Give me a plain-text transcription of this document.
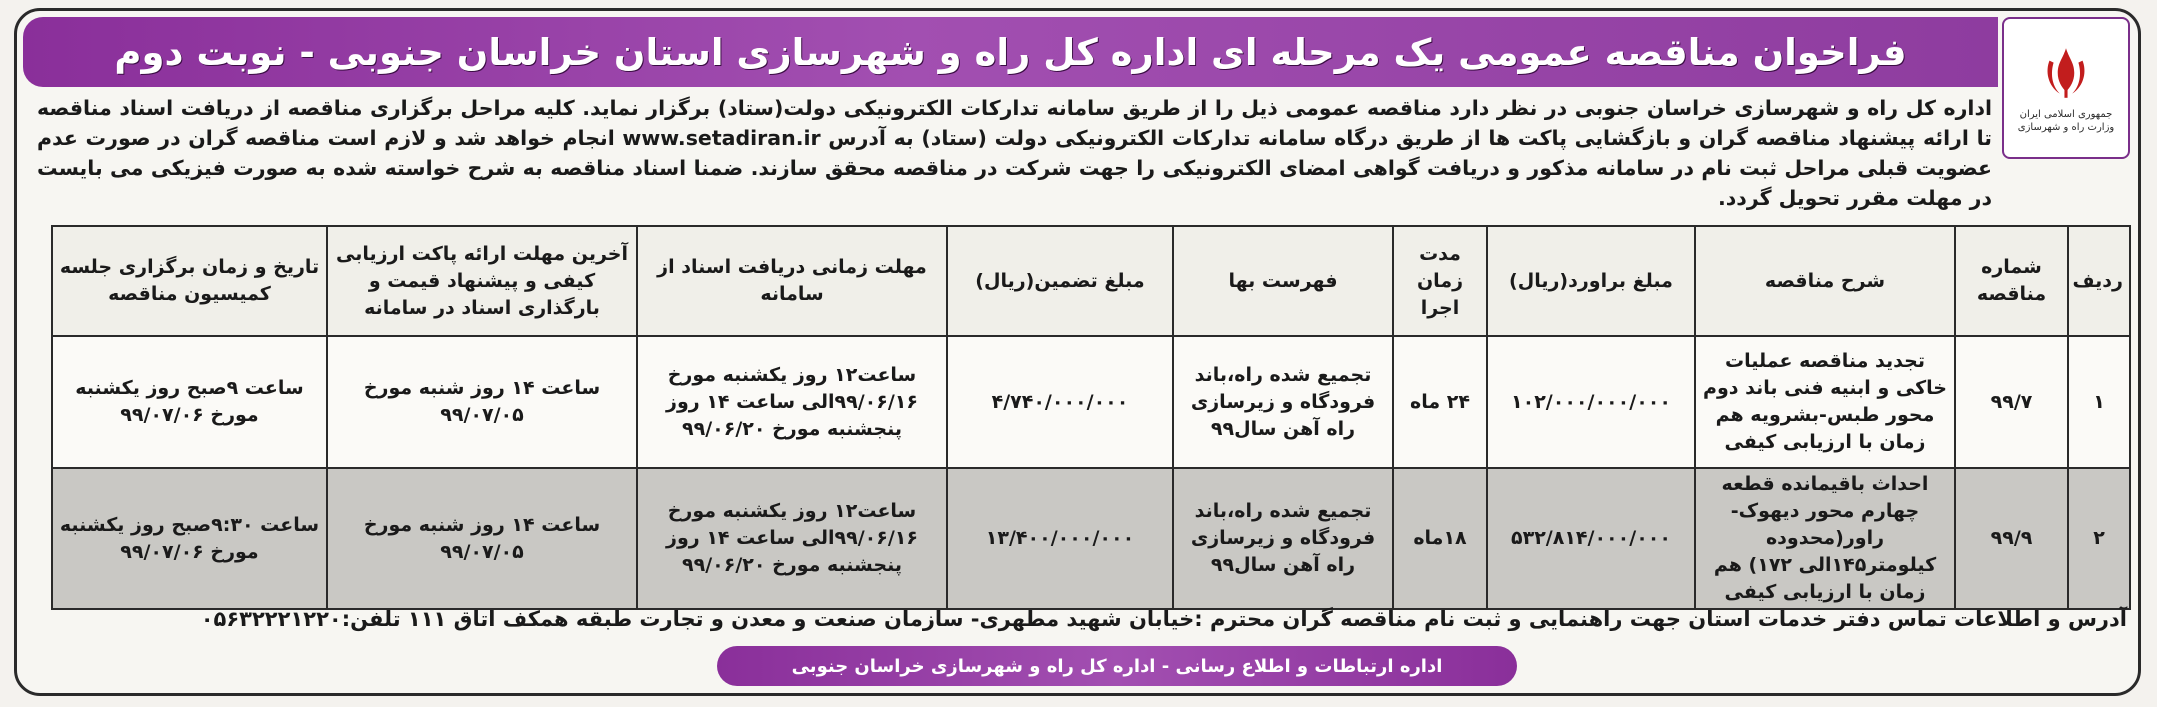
فراخوان مناقصه عمومی یک مرحله ای اداره کل راه و شهرسازی استان خراسان جنوبی - نوبت دوم
جمهوری اسلامی ایران
وزارت راه و شهرسازی
اداره کل راه و شهرسازی خراسان جنوبی در نظر دارد مناقصه عمومی ذیل را از طریق سامانه تدارکات الکترونیکی دولت(ستاد) برگزار نماید. کلیه مراحل برگزاری مناقصه از دریافت اسناد مناقصه تا ارائه پیشنهاد مناقصه گران و بازگشایی پاکت ها از طریق درگاه سامانه تدارکات الکترونیکی دولت (ستاد) به آدرس www.setadiran.ir انجام خواهد شد و لازم است مناقصه گران در صورت عدم عضویت قبلی مراحل ثبت نام در سامانه مذکور و دریافت گواهی امضای الکترونیکی را جهت شرکت در مناقصه محقق سازند. ضمنا اسناد مناقصه به شرح خواسته شده به صورت فیزیکی می بایست در مهلت مقرر تحویل گردد.
ردیف	شماره مناقصه	شرح مناقصه	مبلغ براورد(ریال)	مدت زمان اجرا	فهرست بها	مبلغ تضمین(ریال)	مهلت زمانی دریافت اسناد از سامانه	آخرین مهلت ارائه پاکت ارزیابی کیفی و پیشنهاد قیمت و بارگذاری اسناد در سامانه	تاریخ و زمان برگزاری جلسه کمیسیون مناقصه
۱	۹۹/۷	تجدید مناقصه عملیات خاکی و ابنیه فنی باند دوم محور طبس-بشرویه هم زمان با ارزیابی کیفی	۱۰۲/۰۰۰/۰۰۰/۰۰۰	۲۴ ماه	تجمیع شده راه،باند فرودگاه و زیرسازی راه آهن سال۹۹	۴/۷۴۰/۰۰۰/۰۰۰	ساعت۱۲ روز یکشنبه مورخ ۹۹/۰۶/۱۶الی ساعت ۱۴ روز پنجشنبه مورخ ۹۹/۰۶/۲۰	ساعت ۱۴ روز شنبه مورخ ۹۹/۰۷/۰۵	ساعت ۹صبح روز یکشنبه مورخ ۹۹/۰۷/۰۶
۲	۹۹/۹	احداث باقیمانده قطعه چهارم محور دیهوک-راور(محدوده کیلومتر۱۴۵الی ۱۷۲) هم زمان با ارزیابی کیفی	۵۳۲/۸۱۴/۰۰۰/۰۰۰	۱۸ماه	تجمیع شده راه،باند فرودگاه و زیرسازی راه آهن سال۹۹	۱۳/۴۰۰/۰۰۰/۰۰۰	ساعت۱۲ روز یکشنبه مورخ ۹۹/۰۶/۱۶الی ساعت ۱۴ روز پنجشنبه مورخ ۹۹/۰۶/۲۰	ساعت ۱۴ روز شنبه مورخ ۹۹/۰۷/۰۵	ساعت ۹:۳۰صبح روز یکشنبه مورخ ۹۹/۰۷/۰۶
آدرس و اطلاعات تماس دفتر خدمات استان جهت راهنمایی و ثبت نام مناقصه گران محترم :خیابان شهید مطهری- سازمان صنعت و معدن و تجارت طبقه همکف اتاق ۱۱۱ تلفن:۰۵۶۳۲۲۲۱۲۲۰
اداره ارتباطات و اطلاع رسانی - اداره کل راه و شهرسازی خراسان جنوبی
